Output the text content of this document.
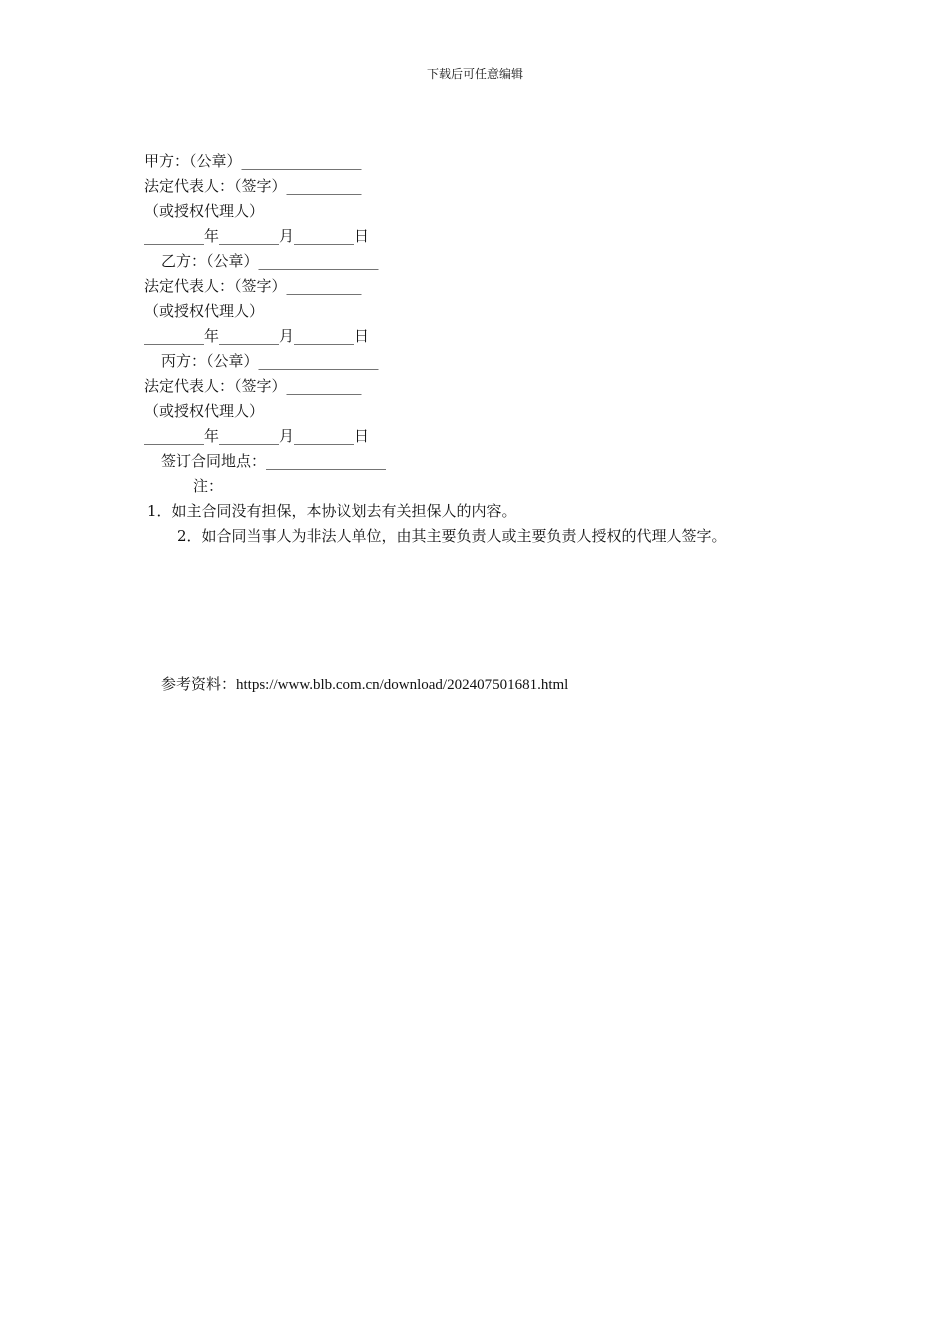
下载后可任意编辑
甲方：（公章）________________
法定代表人：（签字）__________
（或授权代理人）
________年________月________日
乙方：（公章）________________
法定代表人：（签字）__________
（或授权代理人）
________年________月________日
丙方：（公章）________________
法定代表人：（签字）__________
（或授权代理人）
________年________月________日
签订合同地点：________________
注：
1．如主合同没有担保，本协议划去有关担保人的内容。
2．如合同当事人为非法人单位，由其主要负责人或主要负责人授权的代理人签字。
参考资料：https://www.blb.com.cn/download/202407501681.html
